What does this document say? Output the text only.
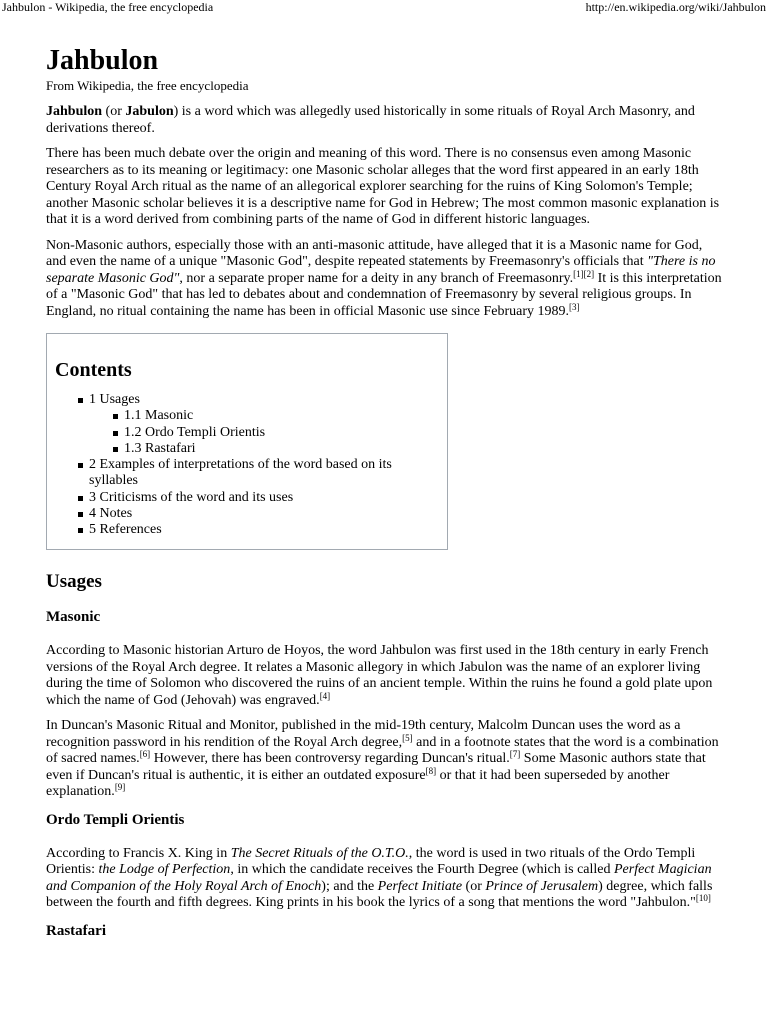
Jahbulon - Wikipedia, the free encyclopedia	http://en.wikipedia.org/wiki/Jahbulon
Jahbulon
From Wikipedia, the free encyclopedia

Jahbulon (or Jabulon) is a word which was allegedly used historically in some rituals of Royal Arch Masonry, and derivations thereof.

There has been much debate over the origin and meaning of this word. There is no consensus even among Masonic researchers as to its meaning or legitimacy: one Masonic scholar alleges that the word first appeared in an early 18th Century Royal Arch ritual as the name of an allegorical explorer searching for the ruins of King Solomon's Temple; another Masonic scholar believes it is a descriptive name for God in Hebrew; The most common masonic explanation is that it is a word derived from combining parts of the name of God in different historic languages.

Non-Masonic authors, especially those with an anti-masonic attitude, have alleged that it is a Masonic name for God, and even the name of a unique "Masonic God", despite repeated statements by Freemasonry's officials that "There is no separate Masonic God", nor a separate proper name for a deity in any branch of Freemasonry.[1][2] It is this interpretation of a "Masonic God" that has led to debates about and condemnation of Freemasonry by several religious groups. In England, no ritual containing the name has been in official Masonic use since February 1989.[3]

Contents
1 Usages
1.1 Masonic
1.2 Ordo Templi Orientis
1.3 Rastafari
2 Examples of interpretations of the word based on its syllables
3 Criticisms of the word and its uses
4 Notes
5 References
Usages
Masonic

According to Masonic historian Arturo de Hoyos, the word Jahbulon was first used in the 18th century in early French versions of the Royal Arch degree. It relates a Masonic allegory in which Jabulon was the name of an explorer living during the time of Solomon who discovered the ruins of an ancient temple. Within the ruins he found a gold plate upon which the name of God (Jehovah) was engraved.[4]

In Duncan's Masonic Ritual and Monitor, published in the mid-19th century, Malcolm Duncan uses the word as a recognition password in his rendition of the Royal Arch degree,[5] and in a footnote states that the word is a combination of sacred names.[6] However, there has been controversy regarding Duncan's ritual.[7] Some Masonic authors state that even if Duncan's ritual is authentic, it is either an outdated exposure[8] or that it had been superseded by another explanation.[9]

Ordo Templi Orientis

According to Francis X. King in The Secret Rituals of the O.T.O., the word is used in two rituals of the Ordo Templi Orientis: the Lodge of Perfection, in which the candidate receives the Fourth Degree (which is called Perfect Magician and Companion of the Holy Royal Arch of Enoch); and the Perfect Initiate (or Prince of Jerusalem) degree, which falls between the fourth and fifth degrees. King prints in his book the lyrics of a song that mentions the word "Jahbulon."[10]

Rastafari
